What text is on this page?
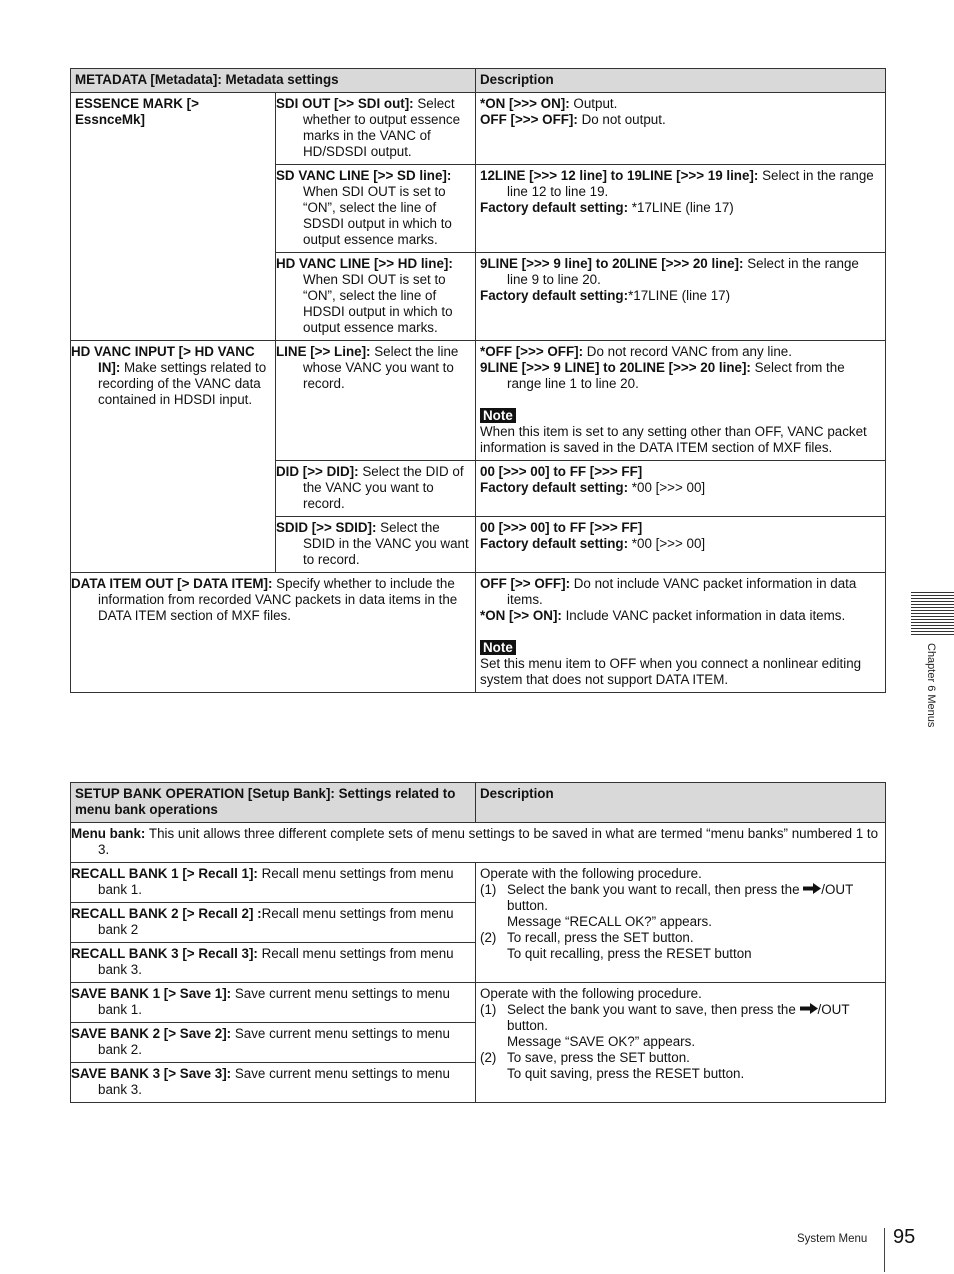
METADATA [Metadata]: Metadata settings		Description
ESSENCE MARK [> EssnceMk]	SDI OUT [>> SDI out]: Select whether to output essence marks in the VANC of HD/SDSDI output.	*ON [>>> ON]: Output.
OFF [>>> OFF]: Do not output.

	SD VANC LINE [>> SD line]: When SDI OUT is set to “ON”, select the line of SDSDI output in which to output essence marks.	12LINE [>>> 12 line] to 19LINE [>>> 19 line]: Select in the range line 12 to line 19.
Factory default setting: *17LINE (line 17)

	HD VANC LINE [>> HD line]: When SDI OUT is set to “ON”, select the line of HDSDI output in which to output essence marks.	9LINE [>>> 9 line] to 20LINE [>>> 20 line]: Select in the range line 9 to line 20.
Factory default setting:*17LINE (line 17)

HD VANC INPUT [> HD VANC IN]: Make settings related to recording of the VANC data contained in HDSDI input.	LINE [>> Line]: Select the line whose VANC you want to record.	*OFF [>>> OFF]: Do not record VANC from any line.
9LINE [>>> 9 LINE] to 20LINE [>>> 20 line]: Select from the range line 1 to line 20.
Note
When this item is set to any setting other than OFF, VANC packet information is saved in the DATA ITEM section of MXF files.

	DID [>> DID]: Select the DID of the VANC you want to record.	00 [>>> 00] to FF [>>> FF]
Factory default setting: *00 [>>> 00]

	SDID [>> SDID]: Select the SDID in the VANC you want to record.	00 [>>> 00] to FF [>>> FF]
Factory default setting: *00 [>>> 00]

DATA ITEM OUT [> DATA ITEM]: Specify whether to include the information from recorded VANC packets in data items in the DATA ITEM section of MXF files.		OFF [>> OFF]: Do not include VANC packet information in data items.
*ON [>> ON]: Include VANC packet information in data items.
Note
Set this menu item to OFF when you connect a nonlinear editing system that does not support DATA ITEM.
SETUP BANK OPERATION [Setup Bank]: Settings related to menu bank operations	Description
Menu bank: This unit allows three different complete sets of menu settings to be saved in what are termed “menu banks” numbered 1 to 3.	
RECALL BANK 1 [> Recall 1]: Recall menu settings from menu bank 1.	Operate with the following procedure.
(1) Select the bank you want to recall, then press the /OUT button.
Message “RECALL OK?” appears.
(2) To recall, press the SET button.
To quit recalling, press the RESET button

RECALL BANK 2 [> Recall 2] :Recall menu settings from menu bank 2	
RECALL BANK 3 [> Recall 3]: Recall menu settings from menu bank 3.	
SAVE BANK 1 [> Save 1]: Save current menu settings to menu bank 1.	Operate with the following procedure.
(1) Select the bank you want to save, then press the /OUT button.
Message “SAVE OK?” appears.
(2) To save, press the SET button.
To quit saving, press the RESET button.

SAVE BANK 2 [> Save 2]: Save current menu settings to menu bank 2.	
SAVE BANK 3 [> Save 3]: Save current menu settings to menu bank 3.	
Chapter 6 Menus
System Menu 95
